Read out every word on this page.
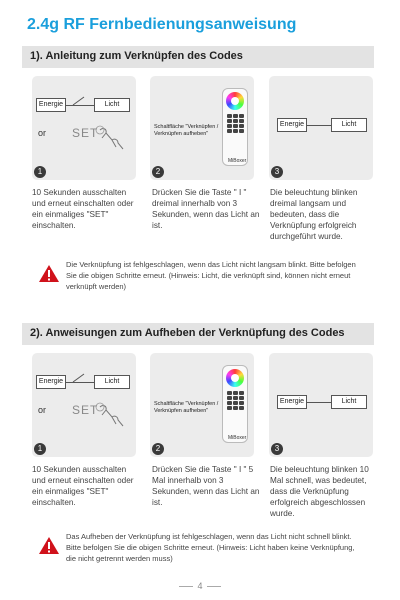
2.4g RF Fernbedienungsanweisung
1). Anleitung zum Verknüpfen des Codes
Energie	Licht
or SET
1
MiBoxer
Schaltfläche "Verknüpfen /
Verknüpfen aufheben"
2
Energie	Licht
3
10 Sekunden ausschalten und erneut einschalten oder ein einmaliges "SET" einschalten.
Drücken Sie die Taste " I " dreimal innerhalb von 3 Sekunden, wenn das Licht an ist.
Die beleuchtung blinken dreimal langsam und bedeuten, dass die Verknüpfung erfolgreich durchgeführt wurde.
Die Verknüpfung ist fehlgeschlagen, wenn das Licht nicht langsam blinkt. Bitte befolgen Sie die obigen Schritte erneut. (Hinweis: Licht, die verknüpft sind, können nicht erneut verknüpft werden)
2). Anweisungen zum Aufheben der Verknüpfung des Codes
Energie	Licht
or SET
1
MiBoxer
Schaltfläche "Verknüpfen /
Verknüpfen aufheben"
2
Energie	Licht
3
10 Sekunden ausschalten und erneut einschalten oder ein einmaliges "SET" einschalten.
Drücken Sie die Taste " I " 5 Mal innerhalb von 3 Sekunden, wenn das Licht an ist.
Die beleuchtung blinken 10 Mal schnell, was bedeutet, dass die Verknüpfung erfolgreich abgeschlossen wurde.
Das Aufheben der Verknüpfung ist fehlgeschlagen, wenn das Licht nicht schnell blinkt. Bitte befolgen Sie die obigen Schritte erneut. (Hinweis: Licht haben keine Verknüpfung, die nicht getrennt werden muss)
4
